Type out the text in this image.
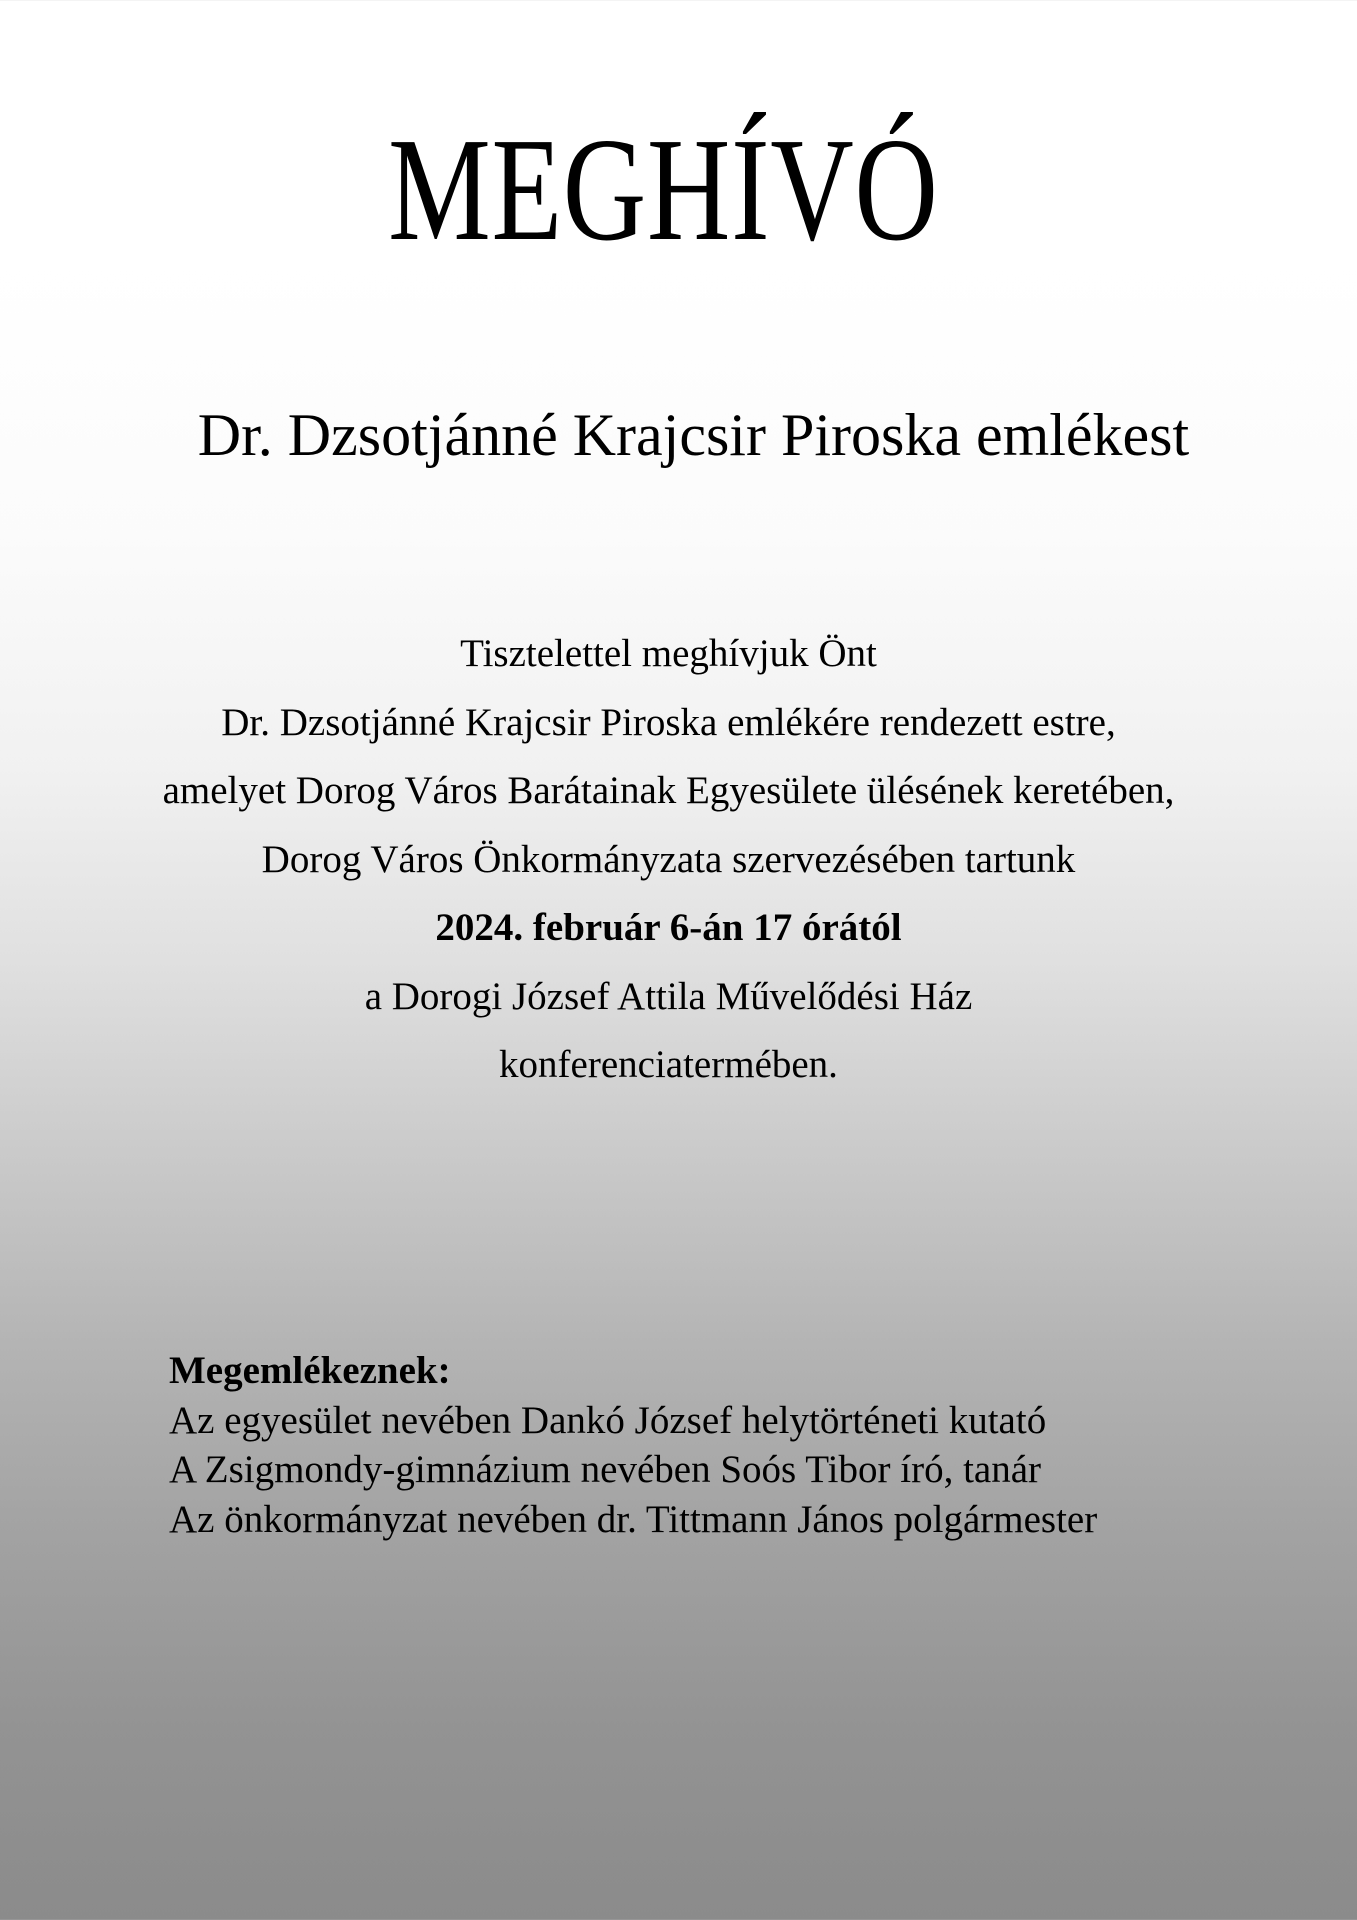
MEGHÍVÓ
Dr. Dzsotjánné Krajcsir Piroska emlékest
Tisztelettel meghívjuk Önt
Dr. Dzsotjánné Krajcsir Piroska emlékére rendezett estre,
amelyet Dorog Város Barátainak Egyesülete ülésének keretében,
Dorog Város Önkormányzata szervezésében tartunk
2024. február 6-án 17 órától
a Dorogi József Attila Művelődési Ház
konferenciatermében.
Megemlékeznek:
Az egyesület nevében Dankó József helytörténeti kutató
A Zsigmondy-gimnázium nevében Soós Tibor író, tanár
Az önkormányzat nevében dr. Tittmann János polgármester
